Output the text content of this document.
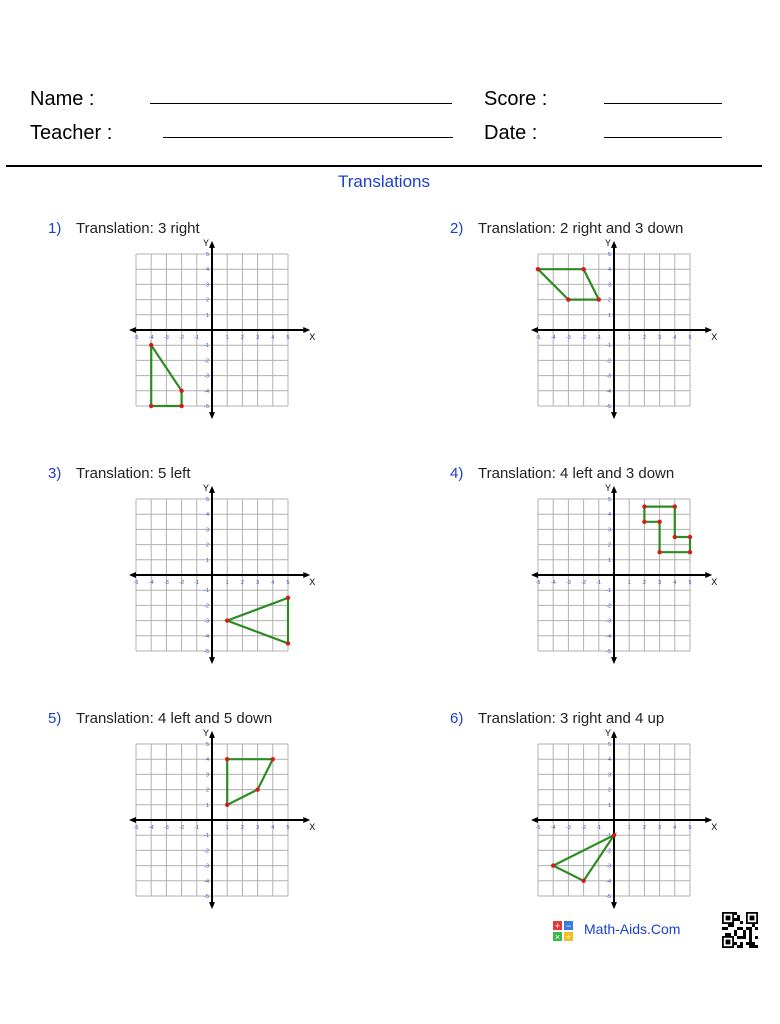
Name :
Teacher :
Score :
Date :
Translations
1) Translation: 3 right
X
Y
-5 -4 -3 -2 -1	1 2 3 4 5
5
4
3
2
1
-1
-2
-3
-4
-5
2) Translation: 2 right and 3 down
X
Y
-5 -4 -3 -2 -1	1 2 3 4 5
5
4
3
2
1
-1
-2
-3
-4
-5
3) Translation: 5 left
X
Y
-5 -4 -3 -2 -1	1 2 3 4 5
5
4
3
2
1
-1
-2
-3
-4
-5
4) Translation: 4 left and 3 down
X
Y
-5 -4 -3 -2 -1	1 2 3 4 5
5
4
3
2
1
-1
-2
-3
-4
-5
5) Translation: 4 left and 5 down
X
Y
-5 -4 -3 -2 -1	1 2 3 4 5
5
4
3
2
1
-1
-2
-3
-4
-5
6) Translation: 3 right and 4 up
X
Y
-5 -4 -3 -2 -1	1 2 3 4 5
5
4
3
2
1
-1
-2
-3
-4
-5
+ −
× ÷ Math-Aids.Com
